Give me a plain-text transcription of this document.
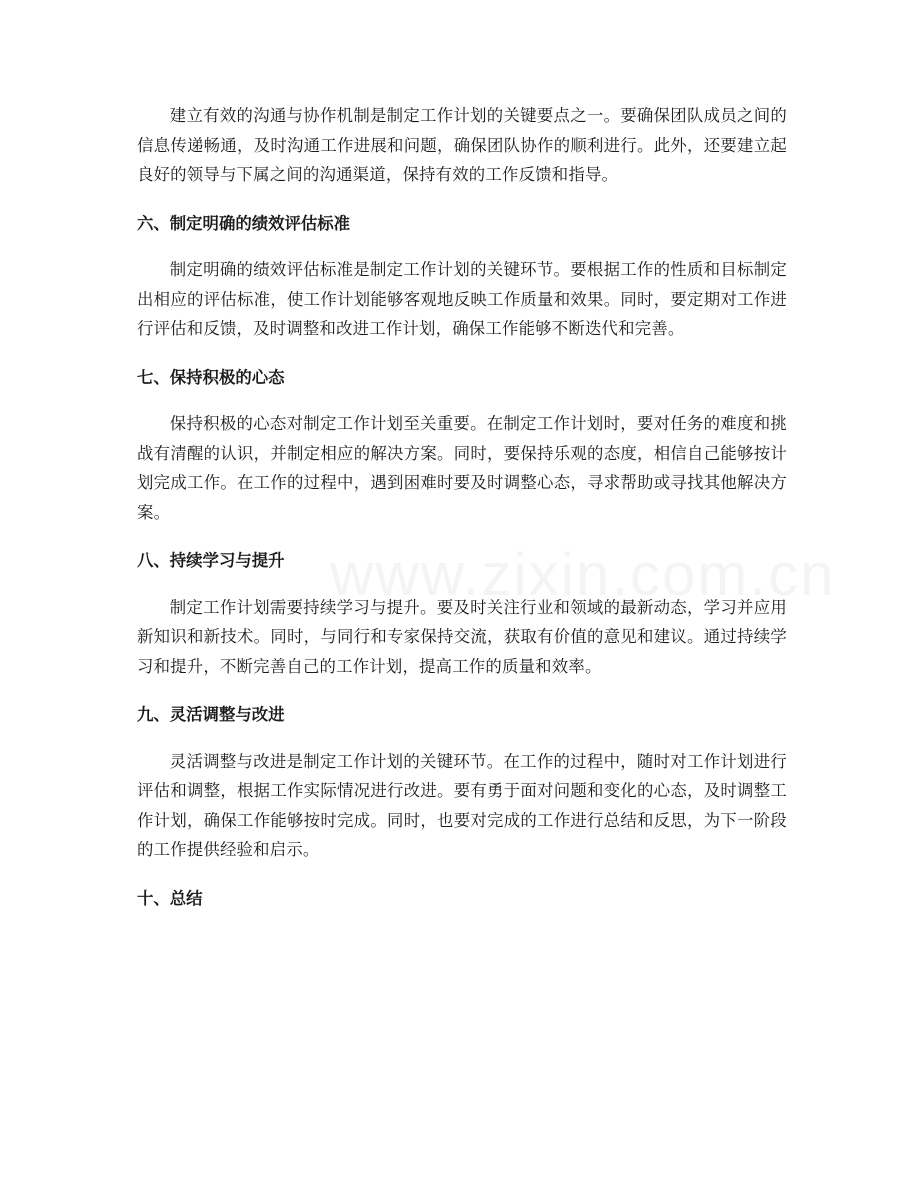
建立有效的沟通与协作机制是制定工作计划的关键要点之一。要确保团队成员之间的信息传递畅通，及时沟通工作进展和问题，确保团队协作的顺利进行。此外，还要建立起良好的领导与下属之间的沟通渠道，保持有效的工作反馈和指导。

六、制定明确的绩效评估标准

制定明确的绩效评估标准是制定工作计划的关键环节。要根据工作的性质和目标制定出相应的评估标准，使工作计划能够客观地反映工作质量和效果。同时，要定期对工作进行评估和反馈，及时调整和改进工作计划，确保工作能够不断迭代和完善。

七、保持积极的心态

保持积极的心态对制定工作计划至关重要。在制定工作计划时，要对任务的难度和挑战有清醒的认识，并制定相应的解决方案。同时，要保持乐观的态度，相信自己能够按计划完成工作。在工作的过程中，遇到困难时要及时调整心态，寻求帮助或寻找其他解决方案。

八、持续学习与提升

制定工作计划需要持续学习与提升。要及时关注行业和领域的最新动态，学习并应用新知识和新技术。同时，与同行和专家保持交流，获取有价值的意见和建议。通过持续学习和提升，不断完善自己的工作计划，提高工作的质量和效率。

九、灵活调整与改进

灵活调整与改进是制定工作计划的关键环节。在工作的过程中，随时对工作计划进行评估和调整，根据工作实际情况进行改进。要有勇于面对问题和变化的心态，及时调整工作计划，确保工作能够按时完成。同时，也要对完成的工作进行总结和反思，为下一阶段的工作提供经验和启示。

十、总结
